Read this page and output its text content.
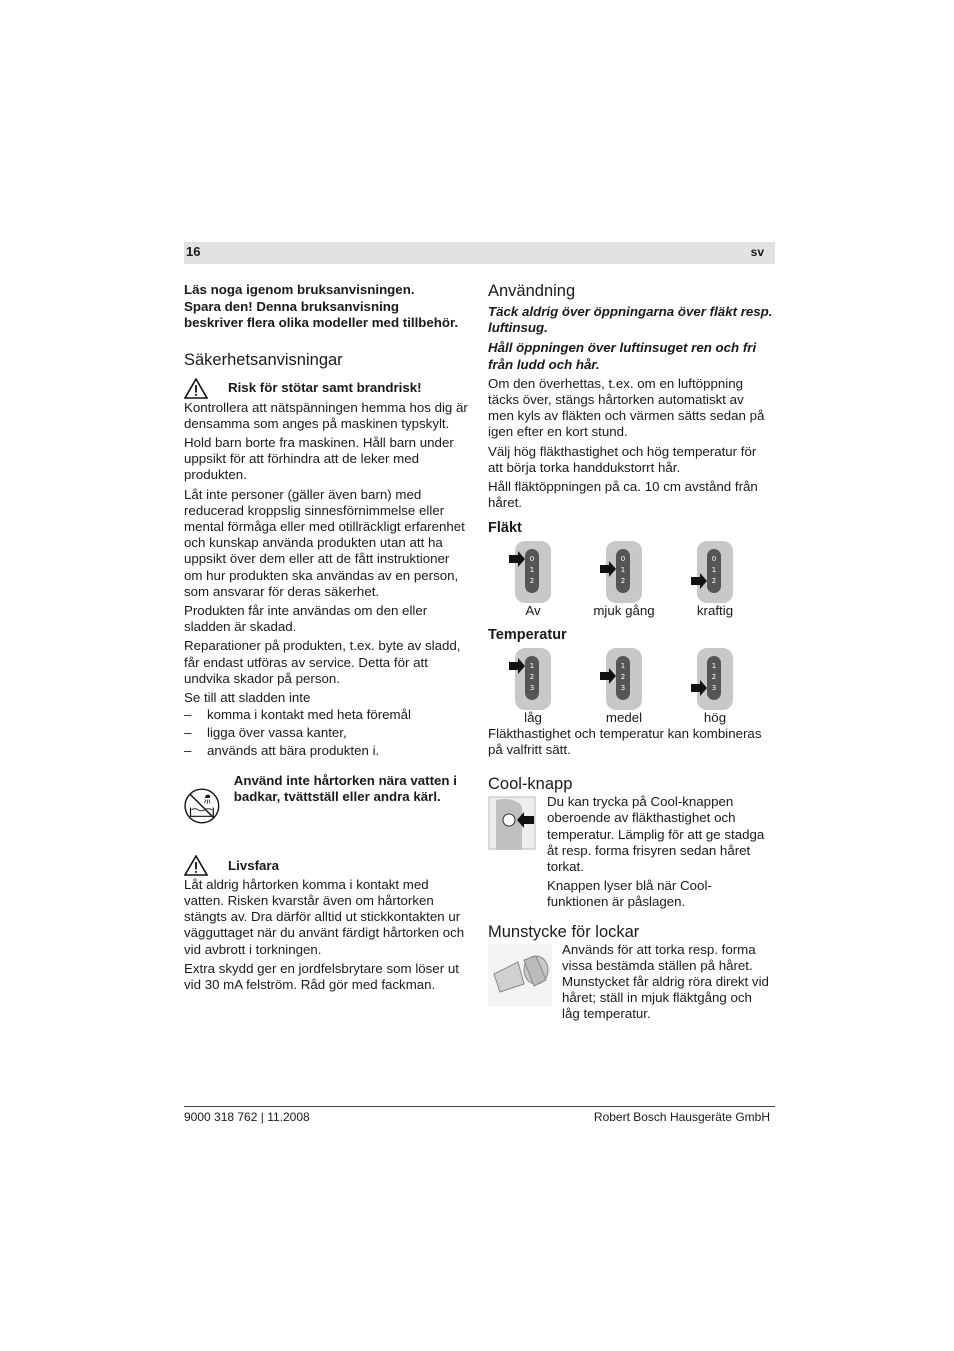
16	sv

Läs noga igenom bruksanvisningen.
Spara den! Denna bruksanvisning
beskriver flera olika modeller med tillbehör.

Säkerhetsanvisningar
Risk för stötar samt brandrisk!

Kontrollera att nätspänningen hemma hos dig är densamma som anges på maskinen typskylt.

Hold barn borte fra maskinen. Håll barn under uppsikt för att förhindra att de leker med produkten.

Låt inte personer (gäller även barn) med reducerad kroppslig sinnesförnimmelse eller mental förmåga eller med otillräckligt erfarenhet och kunskap använda produkten utan att ha uppsikt över dem eller att de fått instruktioner om hur produkten ska användas av en person, som ansvarar för deras säkerhet.

Produkten får inte användas om den eller sladden är skadad.

Reparationer på produkten, t.ex. byte av sladd, får endast utföras av service. Detta för att undvika skador på person.

Se till att sladden inte

–	komma i kontakt med heta föremål
–	ligga över vassa kanter,
–	används att bära produkten i.
Använd inte hårtorken nära vatten i badkar, tvättställ eller andra kärl.
Livsfara

Låt aldrig hårtorken komma i kontakt med vatten. Risken kvarstår även om hårtorken stängts av. Dra därför alltid ut stickkontakten ur vägguttaget när du använt färdigt hårtorken och vid avbrott i torkningen.

Extra skydd ger en jordfelsbrytare som löser ut vid 30 mA felström. Råd gör med fackman.

Användning

Täck aldrig över öppningarna över fläkt resp. luftinsug.

Håll öppningen över luftinsuget ren och fri från ludd och hår.

Om den överhettas, t.ex. om en luftöppning täcks över, stängs hårtorken automatiskt av men kyls av fläkten och värmen sätts sedan på igen efter en kort stund.

Välj hög fläkthastighet och hög temperatur för att börja torka handdukstorrt hår.

Håll fläktöppningen på ca. 10 cm avstånd från håret.

Fläkt
0
1
2
Av
0
1
2
mjuk gång
0
1
2
kraftig
Temperatur
1
2
3
låg
1
2
3
medel
1
2
3
hög

Fläkthastighet och temperatur kan kombineras på valfritt sätt.

Cool-knapp

Du kan trycka på Cool-knappen oberoende av fläkthastighet och temperatur. Lämplig för att ge stadga åt resp. forma frisyren sedan håret torkat.

Knappen lyser blå när Cool-funktionen är påslagen.

Munstycke för lockar

Används för att torka resp. forma vissa bestämda ställen på håret. Munstycket får aldrig röra direkt vid håret; ställ in mjuk fläktgång och låg temperatur.

9000 318 762 | 11.2008	Robert Bosch Hausgeräte GmbH
